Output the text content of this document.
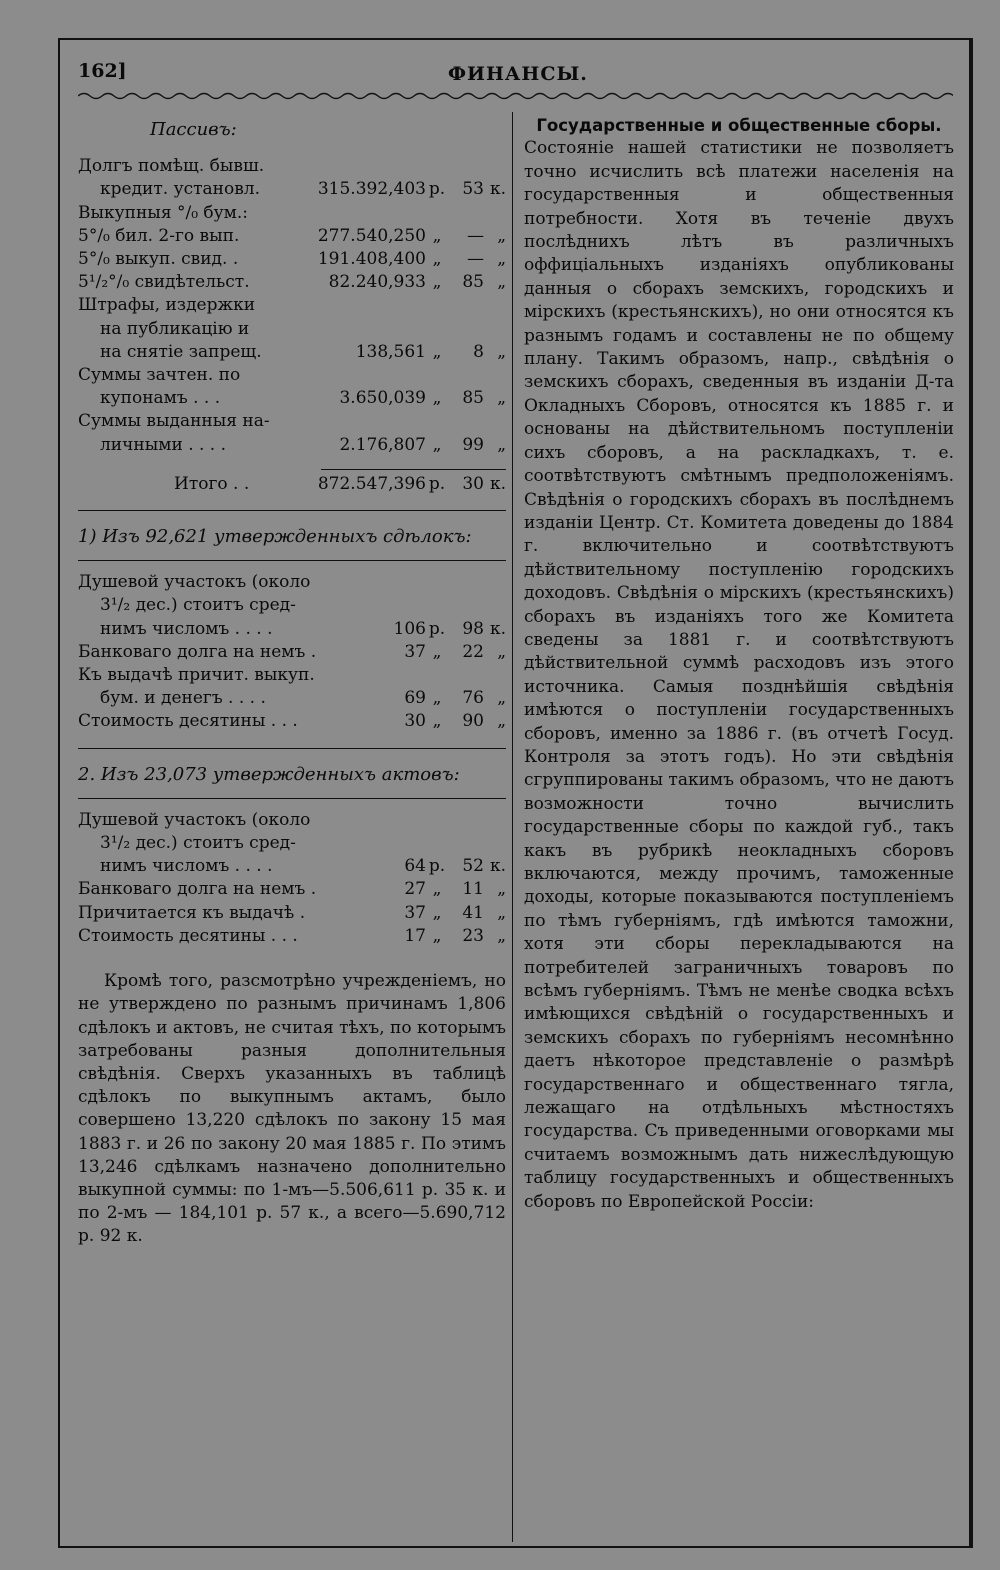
162]	ФИНАНСЫ.
Пассивъ:
Долгъ помѣщ. бывш.
кредит. установл.	315.392,403 р.	53 к.
Выкупныя °/₀ бум.:
5°/₀ бил. 2-го вып.	277.540,250 „	— „
5°/₀ выкуп. свид. .	191.408,400 „	— „
5¹/₂°/₀ свидѣтельст.	82.240,933 „	85 „
Штрафы, издержки
на публикацію и
на снятіе запрещ.	138,561 „	8 „
Суммы зачтен. по
купонамъ . . .	3.650,039 „	85 „
Суммы выданныя на-
личными . . . .	2.176,807 „	99 „
Итого . .	872.547,396 р.	30 к.
1) Изъ 92,621 утвержденныхъ сдѣлокъ:
Душевой участокъ (около
3¹/₂ дес.) стоитъ сред-
нимъ числомъ . . . .	106 р.	98 к.
Банковаго долга на немъ .	37 „	22 „
Къ выдачѣ причит. выкуп.
бум. и денегъ . . . .	69 „	76 „
Стоимость десятины . . .	30 „	90 „
2. Изъ 23,073 утвержденныхъ актовъ:
Душевой участокъ (около
3¹/₂ дес.) стоитъ сред-
нимъ числомъ . . . .	64 р.	52 к.
Банковаго долга на немъ .	27 „	11 „
Причитается къ выдачѣ .	37 „	41 „
Стоимость десятины . . .	17 „	23 „
Кромѣ того, разсмотрѣно учрежденіемъ, но не утверждено по разнымъ причинамъ 1,806 сдѣлокъ и актовъ, не считая тѣхъ, по которымъ затребованы разныя дополнительныя свѣдѣнія. Сверхъ указанныхъ въ таблицѣ сдѣлокъ по выкупнымъ актамъ, было совершено 13,220 сдѣлокъ по закону 15 мая 1883 г. и 26 по закону 20 мая 1885 г. По этимъ 13,246 сдѣлкамъ назначено дополнительно выкупной суммы: по 1-мъ—5.506,611 р. 35 к. и по 2-мъ — 184,101 р. 57 к., а всего—5.690,712 р. 92 к.
Государственные и общественные сборы.
Состояніе нашей статистики не позволяетъ точно исчислить всѣ платежи населенія на государственныя и общественныя потребности. Хотя въ теченіе двухъ послѣднихъ лѣтъ въ различныхъ оффиціальныхъ изданіяхъ опубликованы данныя о сборахъ земскихъ, городскихъ и мірскихъ (крестьянскихъ), но они относятся къ разнымъ годамъ и составлены не по общему плану. Такимъ образомъ, напр., свѣдѣнія о земскихъ сборахъ, сведенныя въ изданіи Д-та Окладныхъ Сборовъ, относятся къ 1885 г. и основаны на дѣйствительномъ поступленіи сихъ сборовъ, а на раскладкахъ, т. е. соотвѣтствуютъ смѣтнымъ предположеніямъ. Свѣдѣнія о городскихъ сборахъ въ послѣднемъ изданіи Центр. Ст. Комитета доведены до 1884 г. включительно и соотвѣтствуютъ дѣйствительному поступленію городскихъ доходовъ. Свѣдѣнія о мірскихъ (крестьянскихъ) сборахъ въ изданіяхъ того же Комитета сведены за 1881 г. и соотвѣтствуютъ дѣйствительной суммѣ расходовъ изъ этого источника. Самыя позднѣйшія свѣдѣнія имѣются о поступленіи государственныхъ сборовъ, именно за 1886 г. (въ отчетѣ Госуд. Контроля за этотъ годъ). Но эти свѣдѣнія сгруппированы такимъ образомъ, что не даютъ возможности точно вычислить государственные сборы по каждой губ., такъ какъ въ рубрикѣ неокладныхъ сборовъ включаются, между прочимъ, таможенные доходы, которые показываются поступленіемъ по тѣмъ губерніямъ, гдѣ имѣются таможни, хотя эти сборы перекладываются на потребителей заграничныхъ товаровъ по всѣмъ губерніямъ. Тѣмъ не менѣе сводка всѣхъ имѣющихся свѣдѣній о государственныхъ и земскихъ сборахъ по губерніямъ несомнѣнно даетъ нѣкоторое представленіе о размѣрѣ государственнаго и общественнаго тягла, лежащаго на отдѣльныхъ мѣстностяхъ государства. Съ приведенными оговорками мы считаемъ возможнымъ дать нижеслѣдующую таблицу государственныхъ и общественныхъ сборовъ по Европейской Россіи:
